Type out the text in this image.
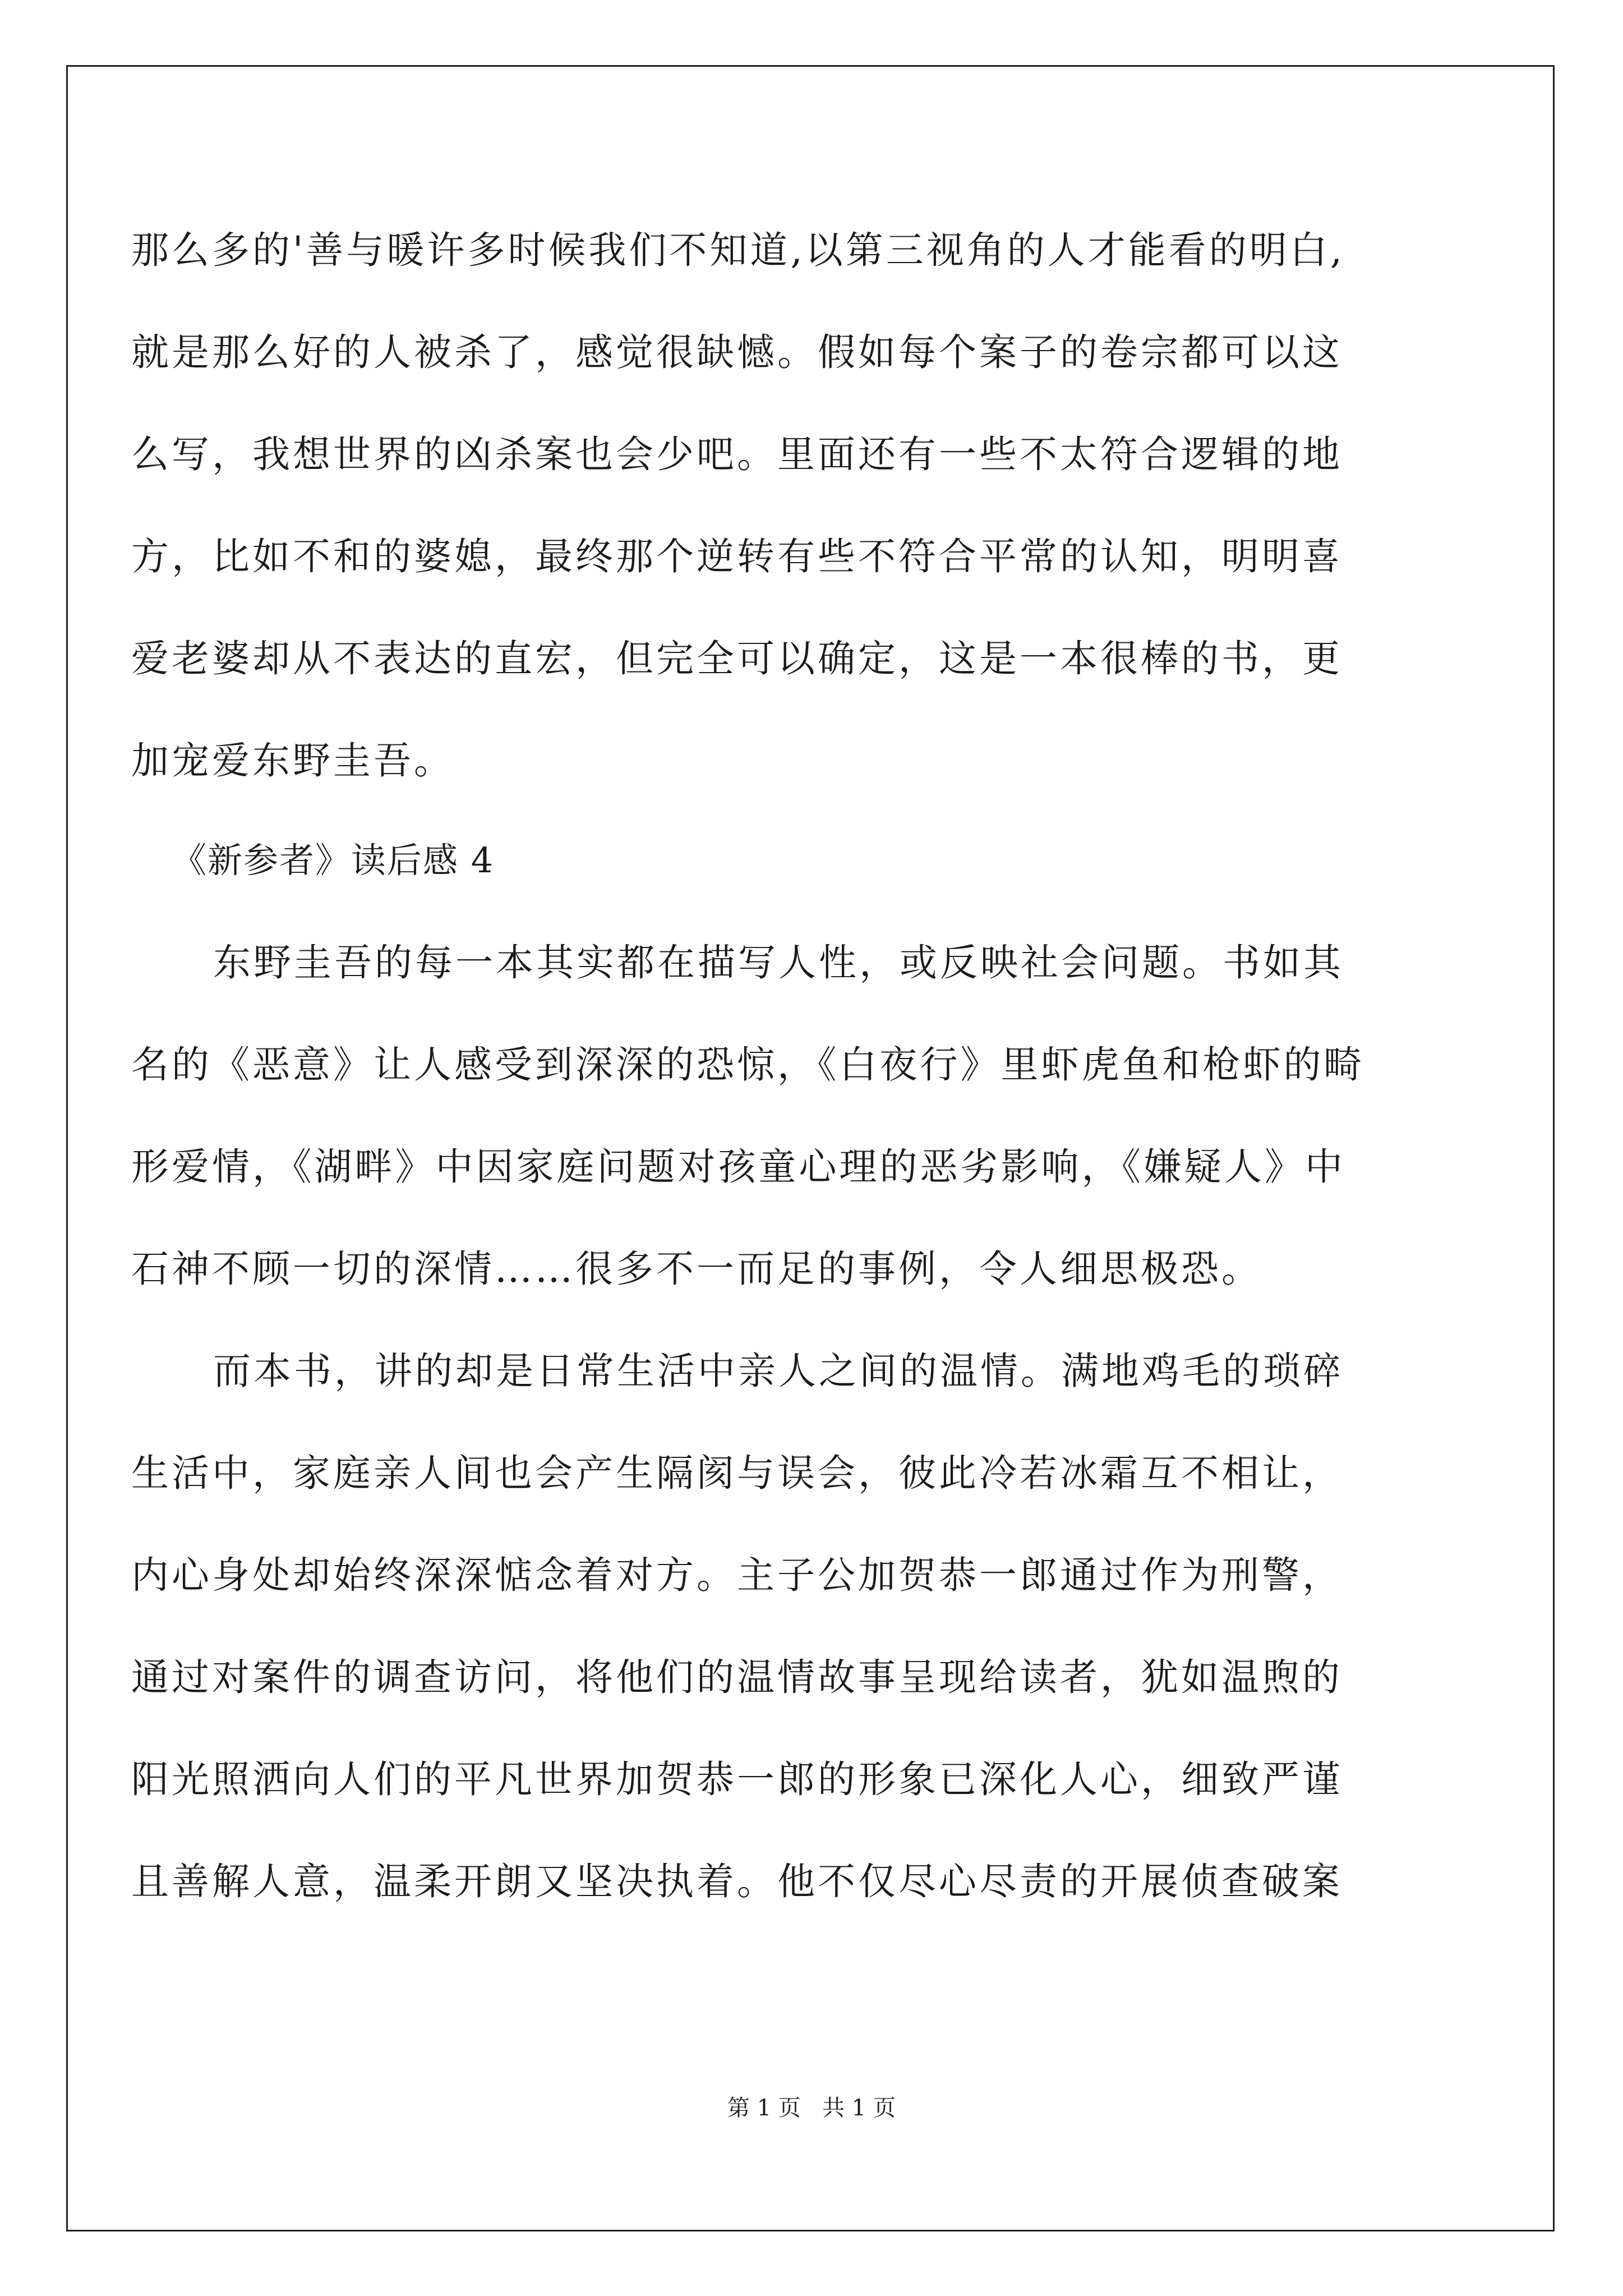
那么多的'善与暖许多时候我们不知道,以第三视角的人才能看的明白,
就是那么好的人被杀了，感觉很缺憾。假如每个案子的卷宗都可以这
么写，我想世界的凶杀案也会少吧。里面还有一些不太符合逻辑的地
方，比如不和的婆媳，最终那个逆转有些不符合平常的认知，明明喜
爱老婆却从不表达的直宏，但完全可以确定，这是一本很棒的书，更
加宠爱东野圭吾。
《新参者》读后感 4
东野圭吾的每一本其实都在描写人性，或反映社会问题。书如其
名的《恶意》让人感受到深深的恐惊，《白夜行》里虾虎鱼和枪虾的畸
形爱情，《湖畔》中因家庭问题对孩童心理的恶劣影响，《嫌疑人》中
石神不顾一切的深情……很多不一而足的事例，令人细思极恐。
而本书，讲的却是日常生活中亲人之间的温情。满地鸡毛的琐碎
生活中，家庭亲人间也会产生隔阂与误会，彼此冷若冰霜互不相让，
内心身处却始终深深惦念着对方。主子公加贺恭一郎通过作为刑警，
通过对案件的调查访问，将他们的温情故事呈现给读者，犹如温煦的
阳光照洒向人们的平凡世界加贺恭一郎的形象已深化人心，细致严谨
且善解人意，温柔开朗又坚决执着。他不仅尽心尽责的开展侦查破案
第 1 页   共 1 页
